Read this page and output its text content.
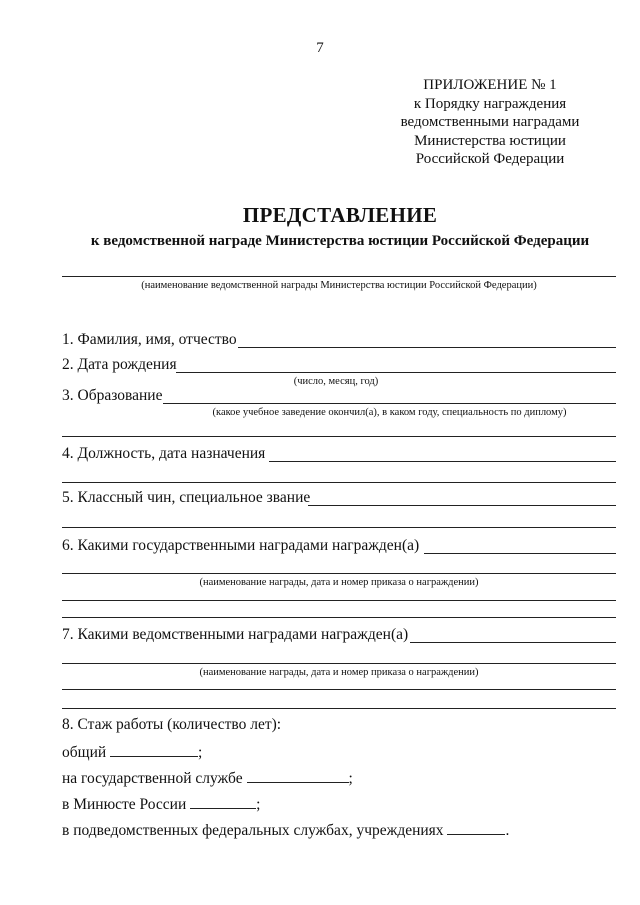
7
ПРИЛОЖЕНИЕ № 1
к Порядку награждения
ведомственными наградами
Министерства юстиции
Российской Федерации
ПРЕДСТАВЛЕНИЕ
к ведомственной награде Министерства юстиции Российской Федерации
(наименование ведомственной награды Министерства юстиции Российской Федерации)
1. Фамилия, имя, отчество
2. Дата рождения
(число, месяц, год)
3. Образование
(какое учебное заведение окончил(а), в каком году, специальность по диплому)
4. Должность, дата назначения
5. Классный чин, специальное звание
6. Какими государственными наградами награжден(а)
(наименование награды, дата и номер приказа о награждении)
7. Какими ведомственными наградами награжден(а)
(наименование награды, дата и номер приказа о награждении)
8. Стаж работы (количество лет):
общий	;
на государственной службе	;
в Минюсте России	;
в подведомственных федеральных службах, учреждениях	.
